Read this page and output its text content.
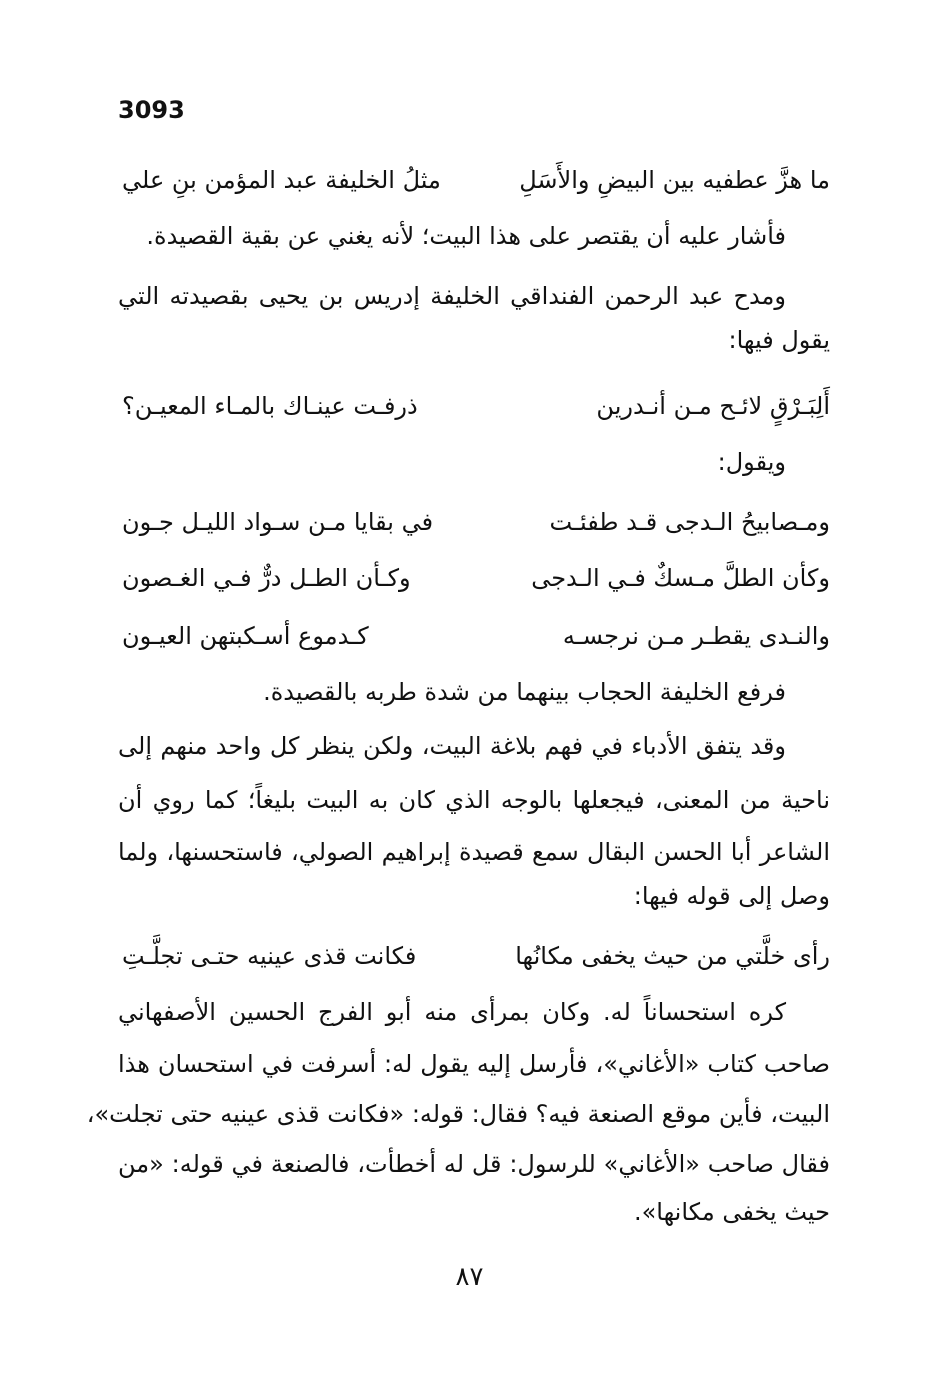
3093
ما هزَّ عطفيه بين البيضِ والأَسَلِ
مثلُ الخليفة عبد المؤمن بنِ علي
فأشار عليه أن يقتصر على هذا البيت؛ لأنه يغني عن بقية القصيدة.
ومدح عبد الرحمن الفنداقي الخليفة إدريس بن يحيى بقصيدته التي
يقول فيها:
أَلِبَـرْقٍ لائـح مـن أنـدرين
ذرفـت عينـاك بالمـاء المعيـن؟
ويقول:
ومـصابيحُ الـدجى قـد طفئـت
في بقايا مـن سـواد الليـل جـون
وكأن الطلَّ مـسكٌ فـي الـدجى
وكـأن الطـل درٌّ فـي الغـصون
والنـدى يقطـر مـن نرجسـه
كـدموع أسـكبتهن العيـون
فرفع الخليفة الحجاب بينهما من شدة طربه بالقصيدة.
وقد يتفق الأدباء في فهم بلاغة البيت، ولكن ينظر كل واحد منهم إلى
ناحية من المعنى، فيجعلها بالوجه الذي كان به البيت بليغاً؛ كما روي أن
الشاعر أبا الحسن البقال سمع قصيدة إبراهيم الصولي، فاستحسنها، ولما
وصل إلى قوله فيها:
رأى خلَّتي من حيث يخفى مكانُها
فكانت قذى عينيه حتـى تجلَّـتِ
كره استحساناً له. وكان بمرأى منه أبو الفرج الحسين الأصفهاني
صاحب كتاب «الأغاني»، فأرسل إليه يقول له: أسرفت في استحسان هذا
البيت، فأين موقع الصنعة فيه؟ فقال: قوله: «فكانت قذى عينيه حتى تجلت»،
فقال صاحب «الأغاني» للرسول: قل له أخطأت، فالصنعة في قوله: «من
حيث يخفى مكانها».
٨٧
